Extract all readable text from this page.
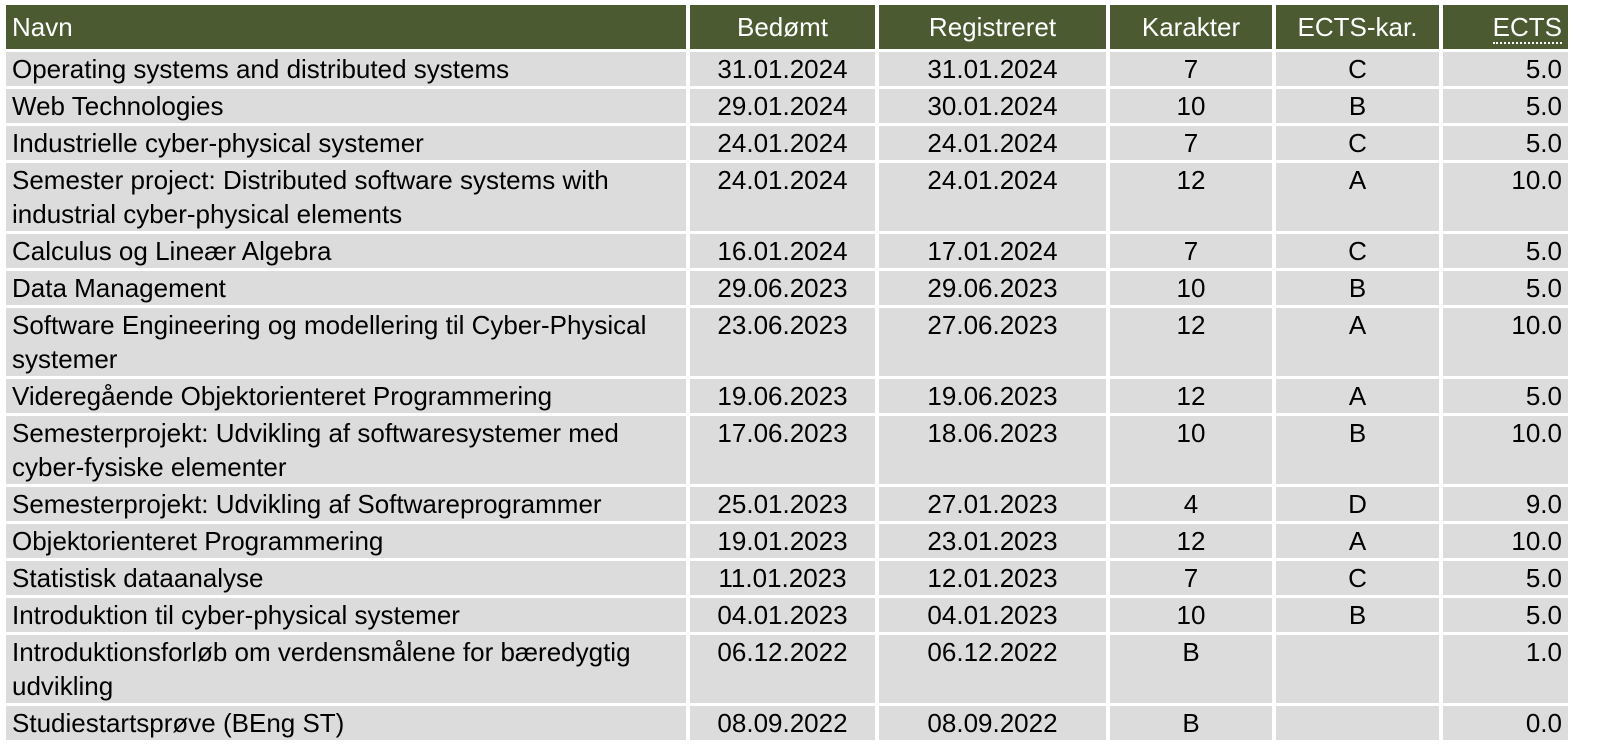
Navn	Bedømt	Registreret	Karakter	ECTS-kar.	ECTS
Operating systems and distributed systems	31.01.2024	31.01.2024	7	C	5.0
Web Technologies	29.01.2024	30.01.2024	10	B	5.0
Industrielle cyber-physical systemer	24.01.2024	24.01.2024	7	C	5.0
Semester project: Distributed software systems with industrial cyber-physical elements	24.01.2024	24.01.2024	12	A	10.0
Calculus og Lineær Algebra	16.01.2024	17.01.2024	7	C	5.0
Data Management	29.06.2023	29.06.2023	10	B	5.0
Software Engineering og modellering til Cyber-Physical systemer	23.06.2023	27.06.2023	12	A	10.0
Videregående Objektorienteret Programmering	19.06.2023	19.06.2023	12	A	5.0
Semesterprojekt: Udvikling af softwaresystemer med cyber-fysiske elementer	17.06.2023	18.06.2023	10	B	10.0
Semesterprojekt: Udvikling af Softwareprogrammer	25.01.2023	27.01.2023	4	D	9.0
Objektorienteret Programmering	19.01.2023	23.01.2023	12	A	10.0
Statistisk dataanalyse	11.01.2023	12.01.2023	7	C	5.0
Introduktion til cyber-physical systemer	04.01.2023	04.01.2023	10	B	5.0
Introduktionsforløb om verdensmålene for bæredygtig udvikling	06.12.2022	06.12.2022	B		1.0
Studiestartsprøve (BEng ST)	08.09.2022	08.09.2022	B		0.0
